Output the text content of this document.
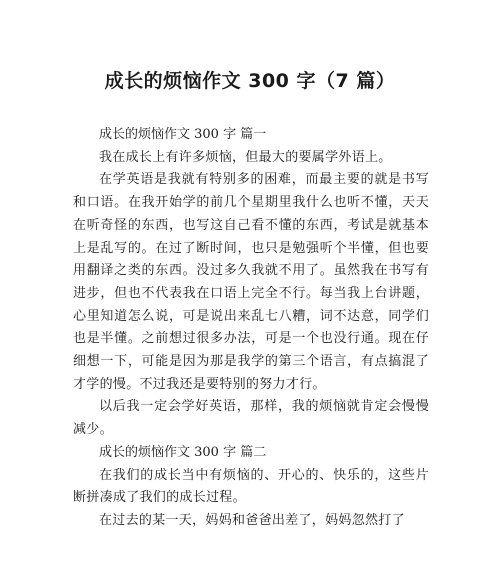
成长的烦恼作文 300 字（7 篇）

成长的烦恼作文 300 字 篇一

我在成长上有许多烦恼，但最大的要属学外语上。

在学英语是我就有特别多的困难，而最主要的就是书写和口语。在我开始学的前几个星期里我什么也听不懂，天天在听奇怪的东西，也写这自己看不懂的东西，考试是就基本上是乱写的。在过了断时间，也只是勉强听个半懂，但也要用翻译之类的东西。没过多久我就不用了。虽然我在书写有进步，但也不代表我在口语上完全不行。每当我上台讲题，心里知道怎么说，可是说出来乱七八糟，词不达意，同学们也是半懂。之前想过很多办法，可是一个也没行通。现在仔细想一下，可能是因为那是我学的第三个语言，有点搞混了才学的慢。不过我还是要特别的努力才行。

以后我一定会学好英语，那样，我的烦恼就肯定会慢慢减少。

成长的烦恼作文 300 字 篇二

在我们的成长当中有烦恼的、开心的、快乐的，这些片断拼凑成了我们的成长过程。

在过去的某一天，妈妈和爸爸出差了，妈妈忽然打了
